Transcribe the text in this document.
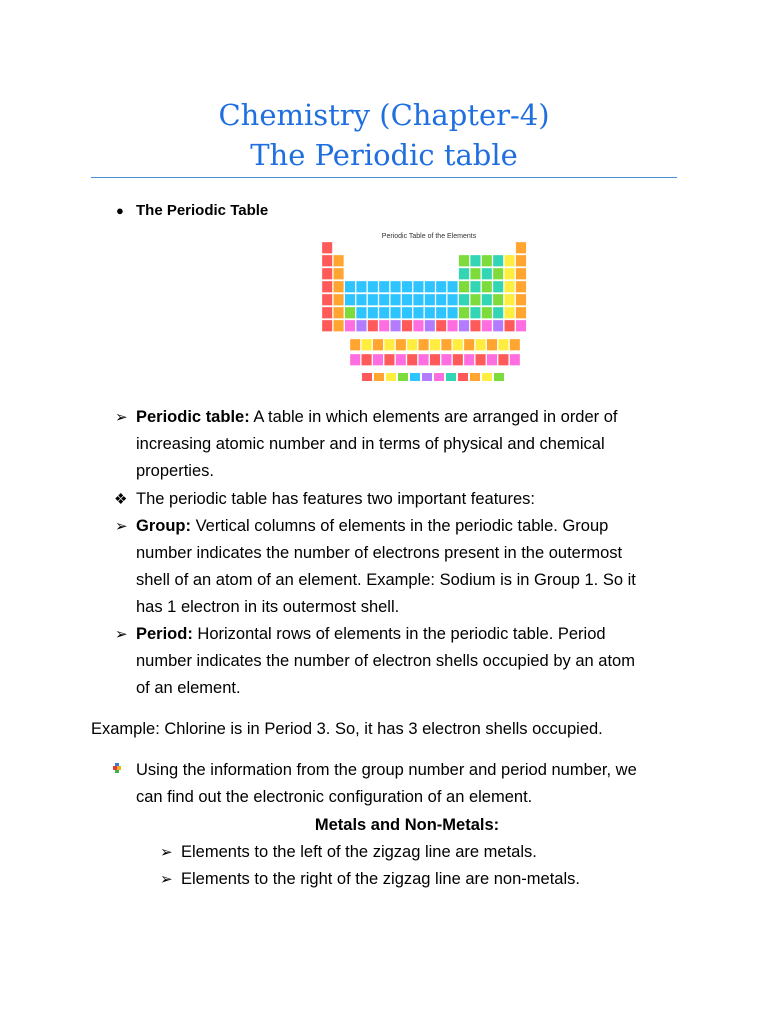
Chemistry (Chapter-4)
The Periodic table
● The Periodic Table
Periodic Table of the Elements
➢ Periodic table: A table in which elements are arranged in order of
increasing atomic number and in terms of physical and chemical
properties.
❖ The periodic table has features two important features:
➢ Group: Vertical columns of elements in the periodic table. Group
number indicates the number of electrons present in the outermost
shell of an atom of an element. Example: Sodium is in Group 1. So it
has 1 electron in its outermost shell.
➢ Period: Horizontal rows of elements in the periodic table. Period
number indicates the number of electron shells occupied by an atom
of an element.
Example: Chlorine is in Period 3. So, it has 3 electron shells occupied.
Using the information from the group number and period number, we
can find out the electronic configuration of an element.
Metals and Non-Metals:
➢ Elements to the left of the zigzag line are metals.
➢ Elements to the right of the zigzag line are non-metals.
